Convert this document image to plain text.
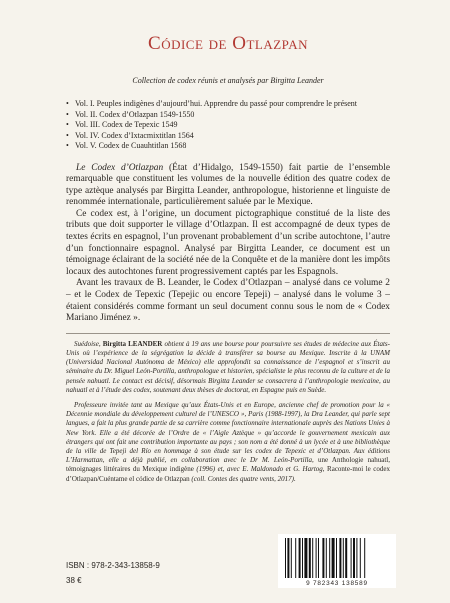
Códice de Otlazpan
Collection de codex réunis et analysés par Birgitta Leander
• Vol. I. Peuples indigènes d’aujourd’hui. Apprendre du passé pour comprendre le présent
• Vol. II. Codex d’Otlazpan 1549-1550
• Vol. III. Codex de Tepexic 1549
• Vol. IV. Codex d’Ixtacmixtitlan 1564
• Vol. V. Codex de Cuauhtitlan 1568

Le Codex d’Otlazpan (État d’Hidalgo, 1549-1550) fait partie de l’ensemble remarquable que constituent les volumes de la nouvelle édition des quatre codex de type aztèque analysés par Birgitta Leander, anthropologue, historienne et linguiste de renommée internationale, particulièrement saluée par le Mexique.

Ce codex est, à l’origine, un document pictographique constitué de la liste des tributs que doit supporter le village d’Otlazpan. Il est accompagné de deux types de textes écrits en espagnol, l’un provenant probablement d’un scribe autochtone, l’autre d’un fonctionnaire espagnol. Analysé par Birgitta Leander, ce document est un témoignage éclairant de la société née de la Conquête et de la manière dont les impôts locaux des autochtones furent progressivement captés par les Espagnols.

Avant les travaux de B. Leander, le Codex d’Otlazpan – analysé dans ce volume 2 – et le Codex de Tepexic (Tepejic ou encore Tepeji) – analysé dans le volume 3 – étaient considérés comme formant un seul document connu sous le nom de « Codex Mariano Jiménez ».

Suédoise, Birgitta LEANDER obtient à 19 ans une bourse pour poursuivre ses études de médecine aux États-Unis où l’expérience de la ségrégation la décide à transférer sa bourse au Mexique. Inscrite à la UNAM (Universidad Nacional Autónoma de México) elle approfondit sa connaissance de l’espagnol et s’inscrit au séminaire du Dr. Miguel León-Portilla, anthropologue et historien, spécialiste le plus reconnu de la culture et de la pensée nahuatl. Le contact est décisif, désormais Birgitta Leander se consacrera à l’anthropologie mexicaine, au nahuatl et à l’étude des codex, soutenant deux thèses de doctorat, en Espagne puis en Suède.

Professeure invitée tant au Mexique qu’aux États-Unis et en Europe, ancienne chef de promotion pour la « Décennie mondiale du développement culturel de l’UNESCO », Paris (1988-1997), la Dra Leander, qui parle sept langues, a fait la plus grande partie de sa carrière comme fonctionnaire internationale auprès des Nations Unies à New York. Elle a été décorée de l’Ordre de « l’Aigle Aztèque » qu’accorde le gouvernement mexicain aux étrangers qui ont fait une contribution importante au pays ; son nom a été donné à un lycée et à une bibliothèque de la ville de Tepeji del Río en hommage à son étude sur les codex de Tepexic et d’Otlazpan. Aux éditions L’Harmattan, elle a déjà publié, en collaboration avec le Dr M. León-Portilla, une Anthologie nahuatl, témoignages littéraires du Mexique indigène (1996) et, avec E. Maldonado et G. Hartog, Raconte-moi le codex d’Otlazpan/Cuéntame el códice de Otlazpan (coll. Contes des quatre vents, 2017).

ISBN : 978-2-343-13858-9
38 €	9 782343 138589
